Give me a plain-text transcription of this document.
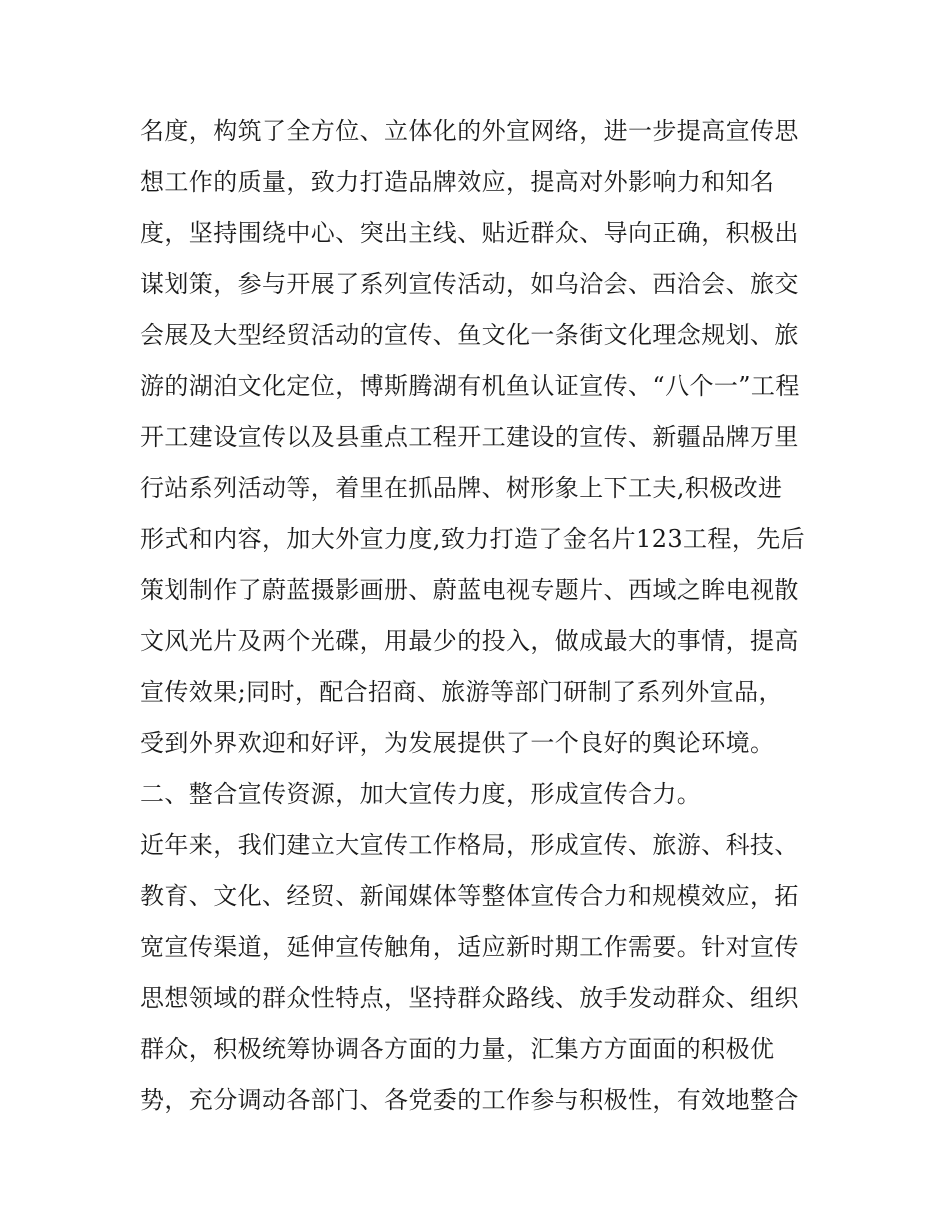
名度，构筑了全方位、立体化的外宣网络，进一步提高宣传思
想工作的质量，致力打造品牌效应，提高对外影响力和知名
度，坚持围绕中心、突出主线、贴近群众、导向正确，积极出
谋划策，参与开展了系列宣传活动，如乌洽会、西洽会、旅交
会展及大型经贸活动的宣传、鱼文化一条街文化理念规划、旅
游的湖泊文化定位，博斯腾湖有机鱼认证宣传、“八个一”工程
开工建设宣传以及县重点工程开工建设的宣传、新疆品牌万里
行站系列活动等，着里在抓品牌、树形象上下工夫,积极改进
形式和内容，加大外宣力度,致力打造了金名片123工程，先后
策划制作了蔚蓝摄影画册、蔚蓝电视专题片、西域之眸电视散
文风光片及两个光碟，用最少的投入，做成最大的事情，提高
宣传效果;同时，配合招商、旅游等部门研制了系列外宣品，
受到外界欢迎和好评，为发展提供了一个良好的舆论环境。
二、整合宣传资源，加大宣传力度，形成宣传合力。
近年来，我们建立大宣传工作格局，形成宣传、旅游、科技、
教育、文化、经贸、新闻媒体等整体宣传合力和规模效应，拓
宽宣传渠道，延伸宣传触角，适应新时期工作需要。针对宣传
思想领域的群众性特点，坚持群众路线、放手发动群众、组织
群众，积极统筹协调各方面的力量，汇集方方面面的积极优
势，充分调动各部门、各党委的工作参与积极性，有效地整合
